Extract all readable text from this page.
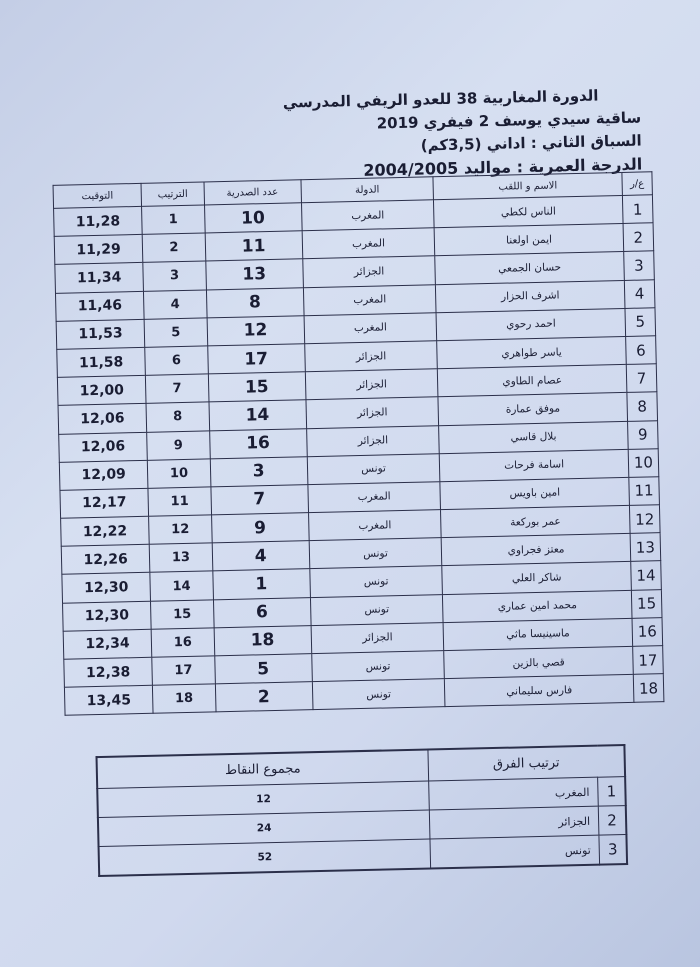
الدورة المغاربية 38 للعدو الريفي المدرسي
ساقية سيدي يوسف 2 فيفري 2019
السباق الثاني : اداني (3,5كم)
الدرجة العمرية : مواليد 2004/2005
ع/ر	الاسم و اللقب	الدولة	عدد الصدرية	الترتيب	التوقيت
1	الناس لكطي	المغرب	10	1	11,28
2	ايمن اولعنا	المغرب	11	2	11,29
3	حسان الجمعي	الجزائر	13	3	11,34
4	اشرف الحزار	المغرب	8	4	11,46
5	احمد رحوي	المغرب	12	5	11,53
6	ياسر طواهري	الجزائر	17	6	11,58
7	عصام الطاوي	الجزائر	15	7	12,00
8	موفق عمارة	الجزائر	14	8	12,06
9	بلال قاسي	الجزائر	16	9	12,06
10	اسامة فرحات	تونس	3	10	12,09
11	امين باويس	المغرب	7	11	12,17
12	عمر بوركعة	المغرب	9	12	12,22
13	معتز فجراوي	تونس	4	13	12,26
14	شاكر العلي	تونس	1	14	12,30
15	محمد امين عماري	تونس	6	15	12,30
16	ماسينيسا ماثي	الجزائر	18	16	12,34
17	قصي بالزين	تونس	5	17	12,38
18	فارس سليماني	تونس	2	18	13,45
ترتيب الفرق		مجموع النقاط
1	المغرب	12
2	الجزائر	24
3	تونس	52
